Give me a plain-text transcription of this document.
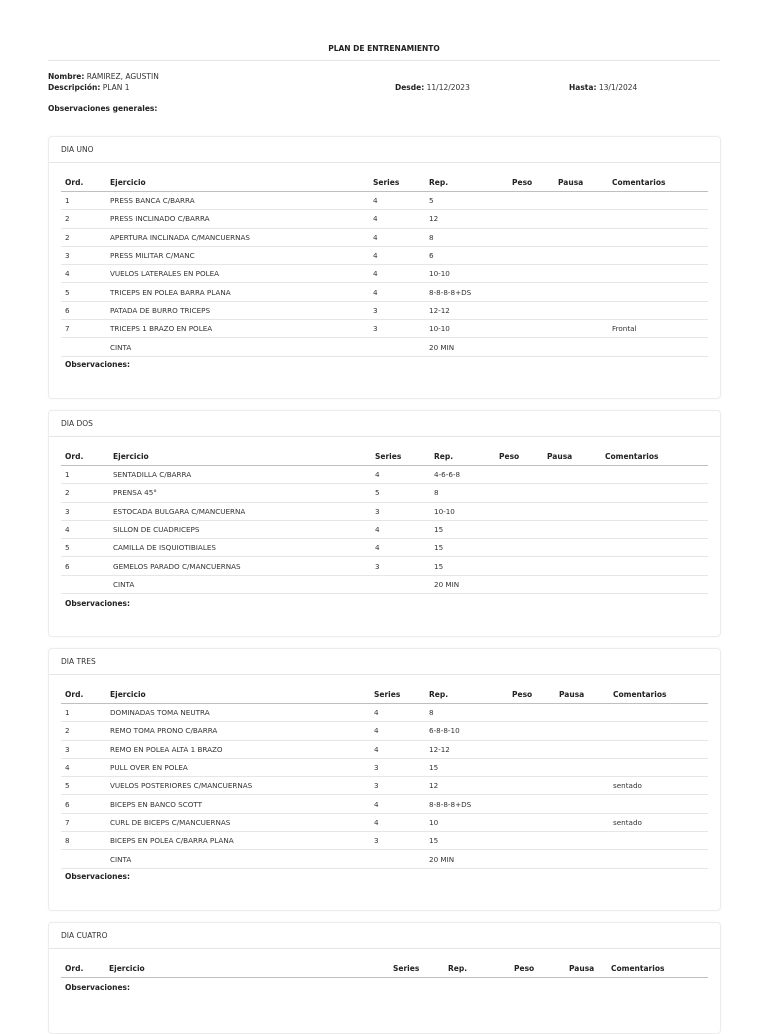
PLAN DE ENTRENAMIENTO
Nombre: RAMIREZ, AGUSTIN
Descripción: PLAN 1	Desde: 11/12/2023	Hasta: 13/1/2024
Observaciones generales:
DIA UNO
Ord.	Ejercicio	Series	Rep.	Peso	Pausa	Comentarios
1	PRESS BANCA C/BARRA	4	5			
2	PRESS INCLINADO C/BARRA	4	12			
2	APERTURA INCLINADA C/MANCUERNAS	4	8			
3	PRESS MILITAR C/MANC	4	6			
4	VUELOS LATERALES EN POLEA	4	10-10			
5	TRICEPS EN POLEA BARRA PLANA	4	8-8-8-8+DS			
6	PATADA DE BURRO TRICEPS	3	12-12			
7	TRICEPS 1 BRAZO EN POLEA	3	10-10			Frontal
	CINTA		20 MIN			
Observaciones:
DIA DOS
Ord.	Ejercicio	Series	Rep.	Peso	Pausa	Comentarios
1	SENTADILLA C/BARRA	4	4-6-6-8			
2	PRENSA 45°	5	8			
3	ESTOCADA BULGARA C/MANCUERNA	3	10-10			
4	SILLON DE CUADRICEPS	4	15			
5	CAMILLA DE ISQUIOTIBIALES	4	15			
6	GEMELOS PARADO C/MANCUERNAS	3	15			
	CINTA		20 MIN			
Observaciones:
DIA TRES
Ord.	Ejercicio	Series	Rep.	Peso	Pausa	Comentarios
1	DOMINADAS TOMA NEUTRA	4	8			
2	REMO TOMA PRONO C/BARRA	4	6-8-8-10			
3	REMO EN POLEA ALTA 1 BRAZO	4	12-12			
4	PULL OVER EN POLEA	3	15			
5	VUELOS POSTERIORES C/MANCUERNAS	3	12			sentado
6	BICEPS EN BANCO SCOTT	4	8-8-8-8+DS			
7	CURL DE BICEPS C/MANCUERNAS	4	10			sentado
8	BICEPS EN POLEA C/BARRA PLANA	3	15			
	CINTA		20 MIN			
Observaciones:
DIA CUATRO
Ord.	Ejercicio	Series	Rep.	Peso	Pausa	Comentarios
Observaciones:
